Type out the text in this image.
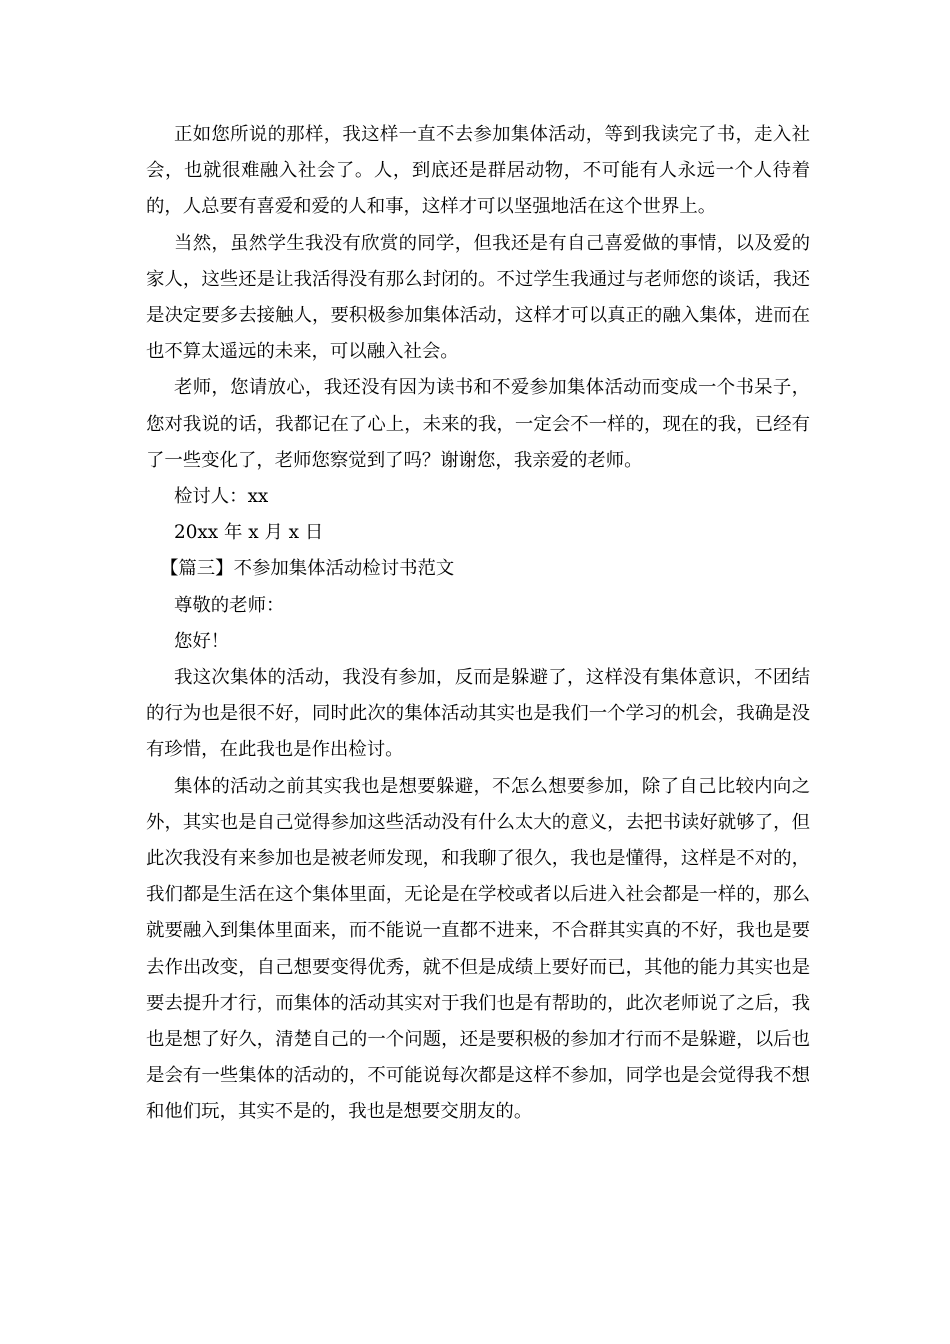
正如您所说的那样，我这样一直不去参加集体活动，等到我读完了书，走入社会，也就很难融入社会了。人，到底还是群居动物，不可能有人永远一个人待着的，人总要有喜爱和爱的人和事，这样才可以坚强地活在这个世界上。

当然，虽然学生我没有欣赏的同学，但我还是有自己喜爱做的事情，以及爱的家人，这些还是让我活得没有那么封闭的。不过学生我通过与老师您的谈话，我还是决定要多去接触人，要积极参加集体活动，这样才可以真正的融入集体，进而在也不算太遥远的未来，可以融入社会。

老师，您请放心，我还没有因为读书和不爱参加集体活动而变成一个书呆子，您对我说的话，我都记在了心上，未来的我，一定会不一样的，现在的我，已经有了一些变化了，老师您察觉到了吗？谢谢您，我亲爱的老师。

检讨人：xx

20xx 年 x 月 x 日

【篇三】不参加集体活动检讨书范文

尊敬的老师：

您好！

我这次集体的活动，我没有参加，反而是躲避了，这样没有集体意识，不团结的行为也是很不好，同时此次的集体活动其实也是我们一个学习的机会，我确是没有珍惜，在此我也是作出检讨。

集体的活动之前其实我也是想要躲避，不怎么想要参加，除了自己比较内向之外，其实也是自己觉得参加这些活动没有什么太大的意义，去把书读好就够了，但此次我没有来参加也是被老师发现，和我聊了很久，我也是懂得，这样是不对的，我们都是生活在这个集体里面，无论是在学校或者以后进入社会都是一样的，那么就要融入到集体里面来，而不能说一直都不进来，不合群其实真的不好，我也是要去作出改变，自己想要变得优秀，就不但是成绩上要好而已，其他的能力其实也是要去提升才行，而集体的活动其实对于我们也是有帮助的，此次老师说了之后，我也是想了好久，清楚自己的一个问题，还是要积极的参加才行而不是躲避，以后也是会有一些集体的活动的，不可能说每次都是这样不参加，同学也是会觉得我不想和他们玩，其实不是的，我也是想要交朋友的。
